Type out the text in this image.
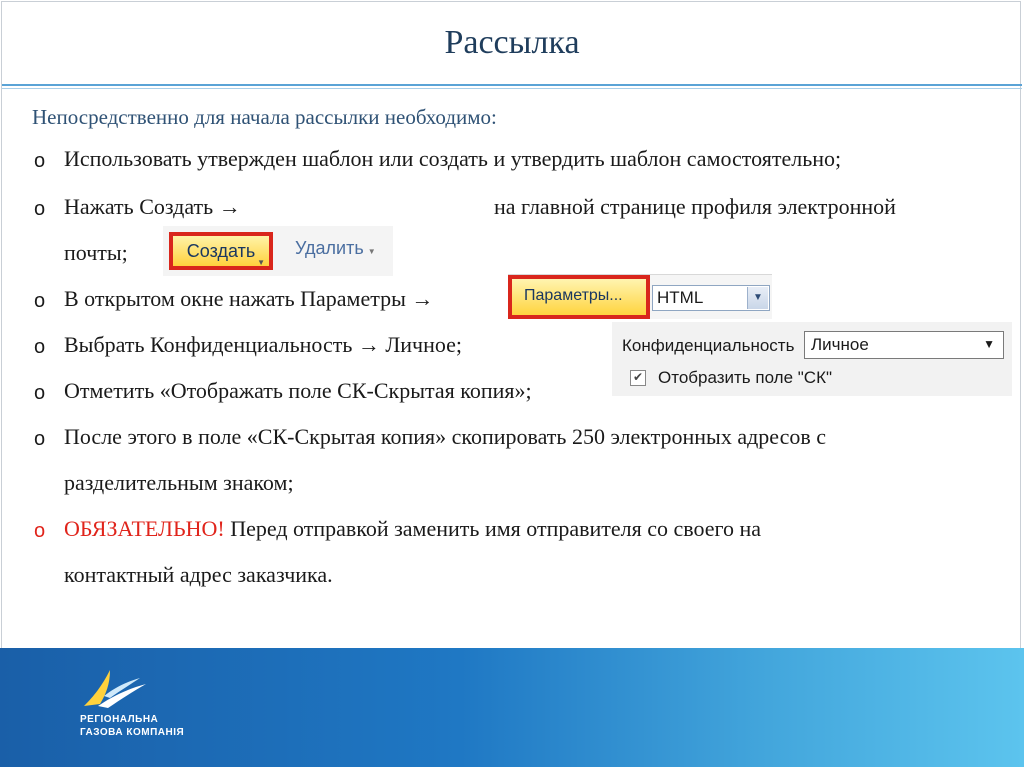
Рассылка
Непосредственно для начала рассылки необходимо:
o Использовать утвержден шаблон или создать и утвердить шаблон самостоятельно;
o Нажать Создать →	на главной странице профиля электронной
почты;	Создать
▼
Удалить ▼
o В открытом окне нажать Параметры →	Параметры...	HTML	▼
o Выбрать Конфиденциальность → Личное;	Конфиденциальность Личное	▼
✔ Отобразить поле "СК"
o Отметить «Отображать поле СК-Скрытая копия»;
o После этого в поле «СК-Скрытая копия» скопировать 250 электронных адресов с
разделительным знаком;
o ОБЯЗАТЕЛЬНО! Перед отправкой заменить имя отправителя со своего на
контактный адрес заказчика.
РЕГІОНАЛЬНА
ГАЗОВА КОМПАНІЯ
